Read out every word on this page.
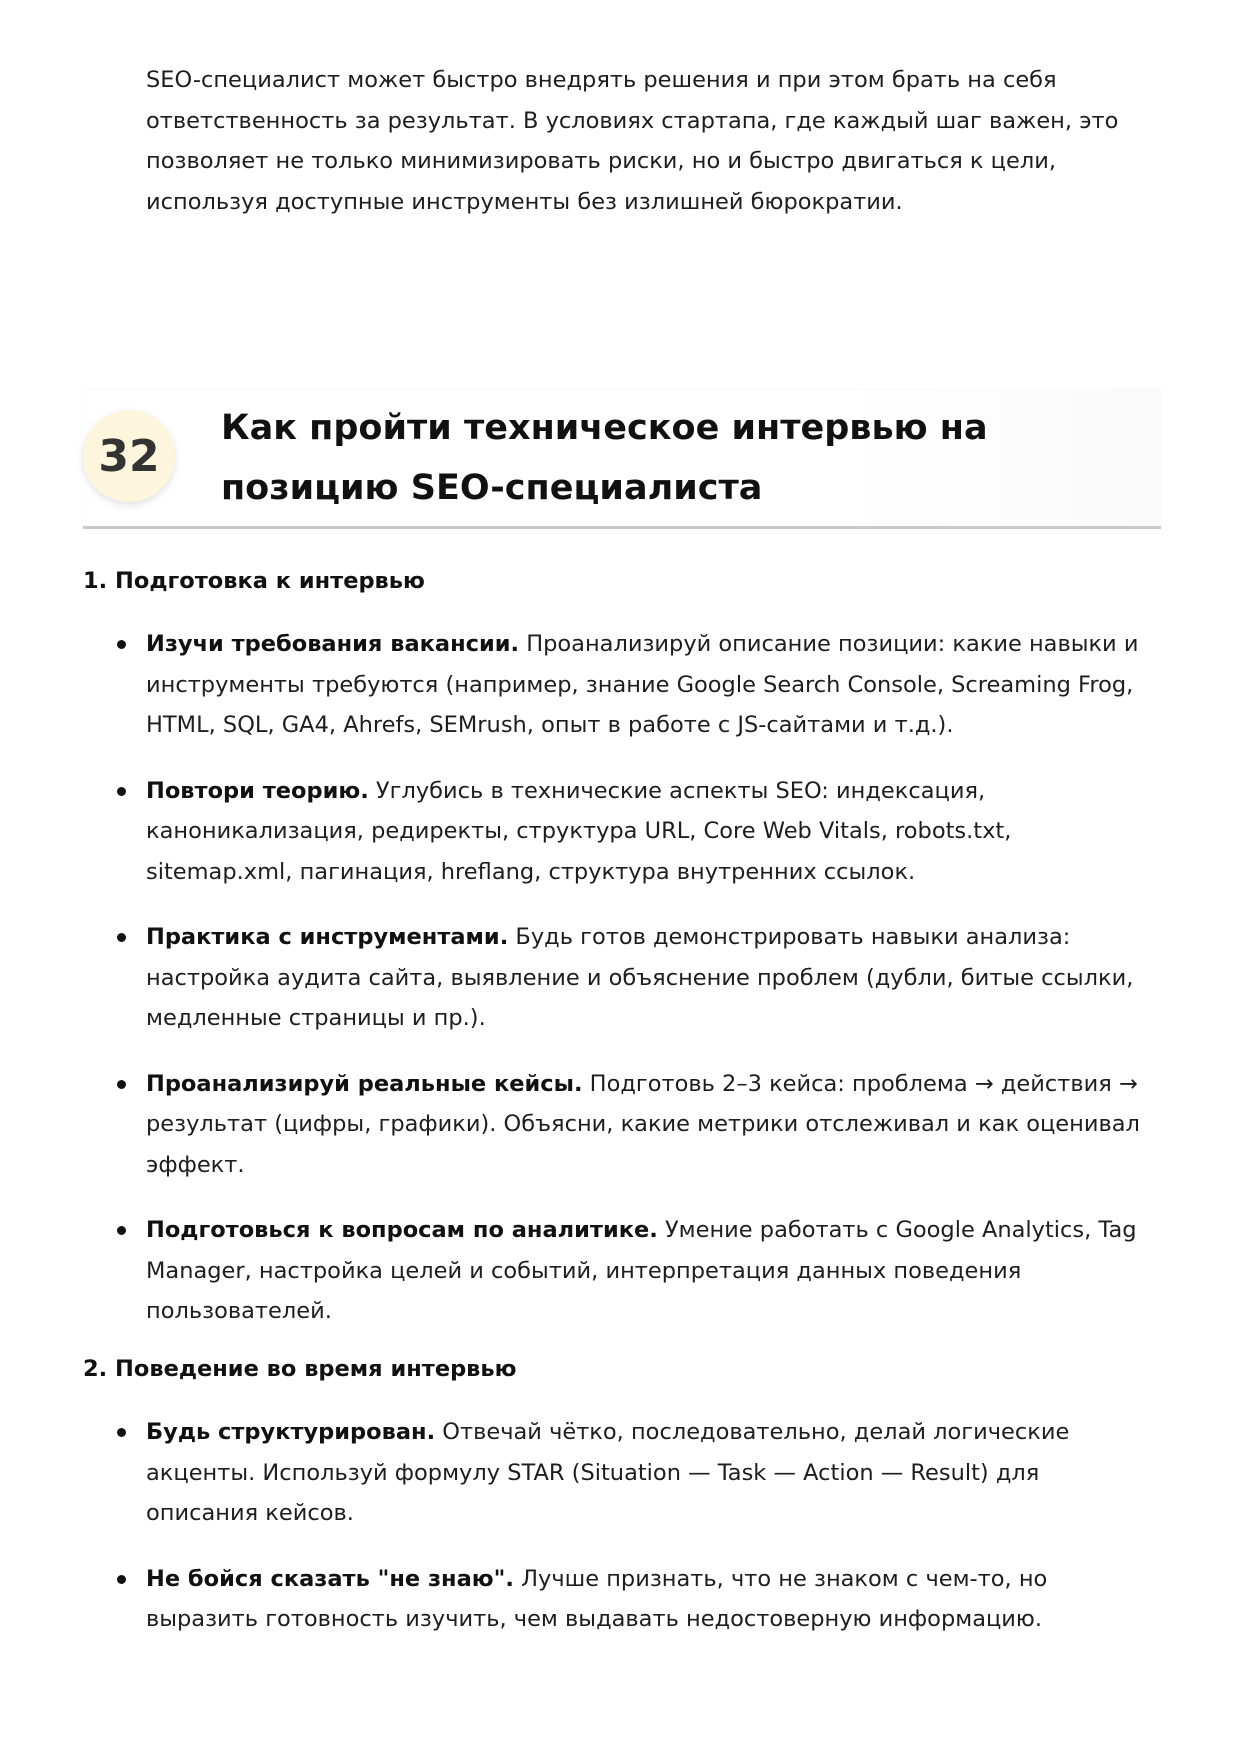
SEO-специалист может быстро внедрять решения и при этом брать на себя ответственность за результат. В условиях стартапа, где каждый шаг важен, это позволяет не только минимизировать риски, но и быстро двигаться к цели, используя доступные инструменты без излишней бюрократии.

32
Как пройти техническое интервью на позицию SEO-специалиста
1. Подготовка к интервью
Изучи требования вакансии. Проанализируй описание позиции: какие навыки и инструменты требуются (например, знание Google Search Console, Screaming Frog, HTML, SQL, GA4, Ahrefs, SEMrush, опыт в работе с JS-сайтами и т.д.).
Повтори теорию. Углубись в технические аспекты SEO: индексация, каноникализация, редиректы, структура URL, Core Web Vitals, robots.txt, sitemap.xml, пагинация, hreflang, структура внутренних ссылок.
Практика с инструментами. Будь готов демонстрировать навыки анализа: настройка аудита сайта, выявление и объяснение проблем (дубли, битые ссылки, медленные страницы и пр.).
Проанализируй реальные кейсы. Подготовь 2–3 кейса: проблема → действия → результат (цифры, графики). Объясни, какие метрики отслеживал и как оценивал эффект.
Подготовься к вопросам по аналитике. Умение работать с Google Analytics, Tag Manager, настройка целей и событий, интерпретация данных поведения пользователей.
2. Поведение во время интервью
Будь структурирован. Отвечай чётко, последовательно, делай логические акценты. Используй формулу STAR (Situation — Task — Action — Result) для описания кейсов.
Не бойся сказать "не знаю". Лучше признать, что не знаком с чем-то, но выразить готовность изучить, чем выдавать недостоверную информацию.
